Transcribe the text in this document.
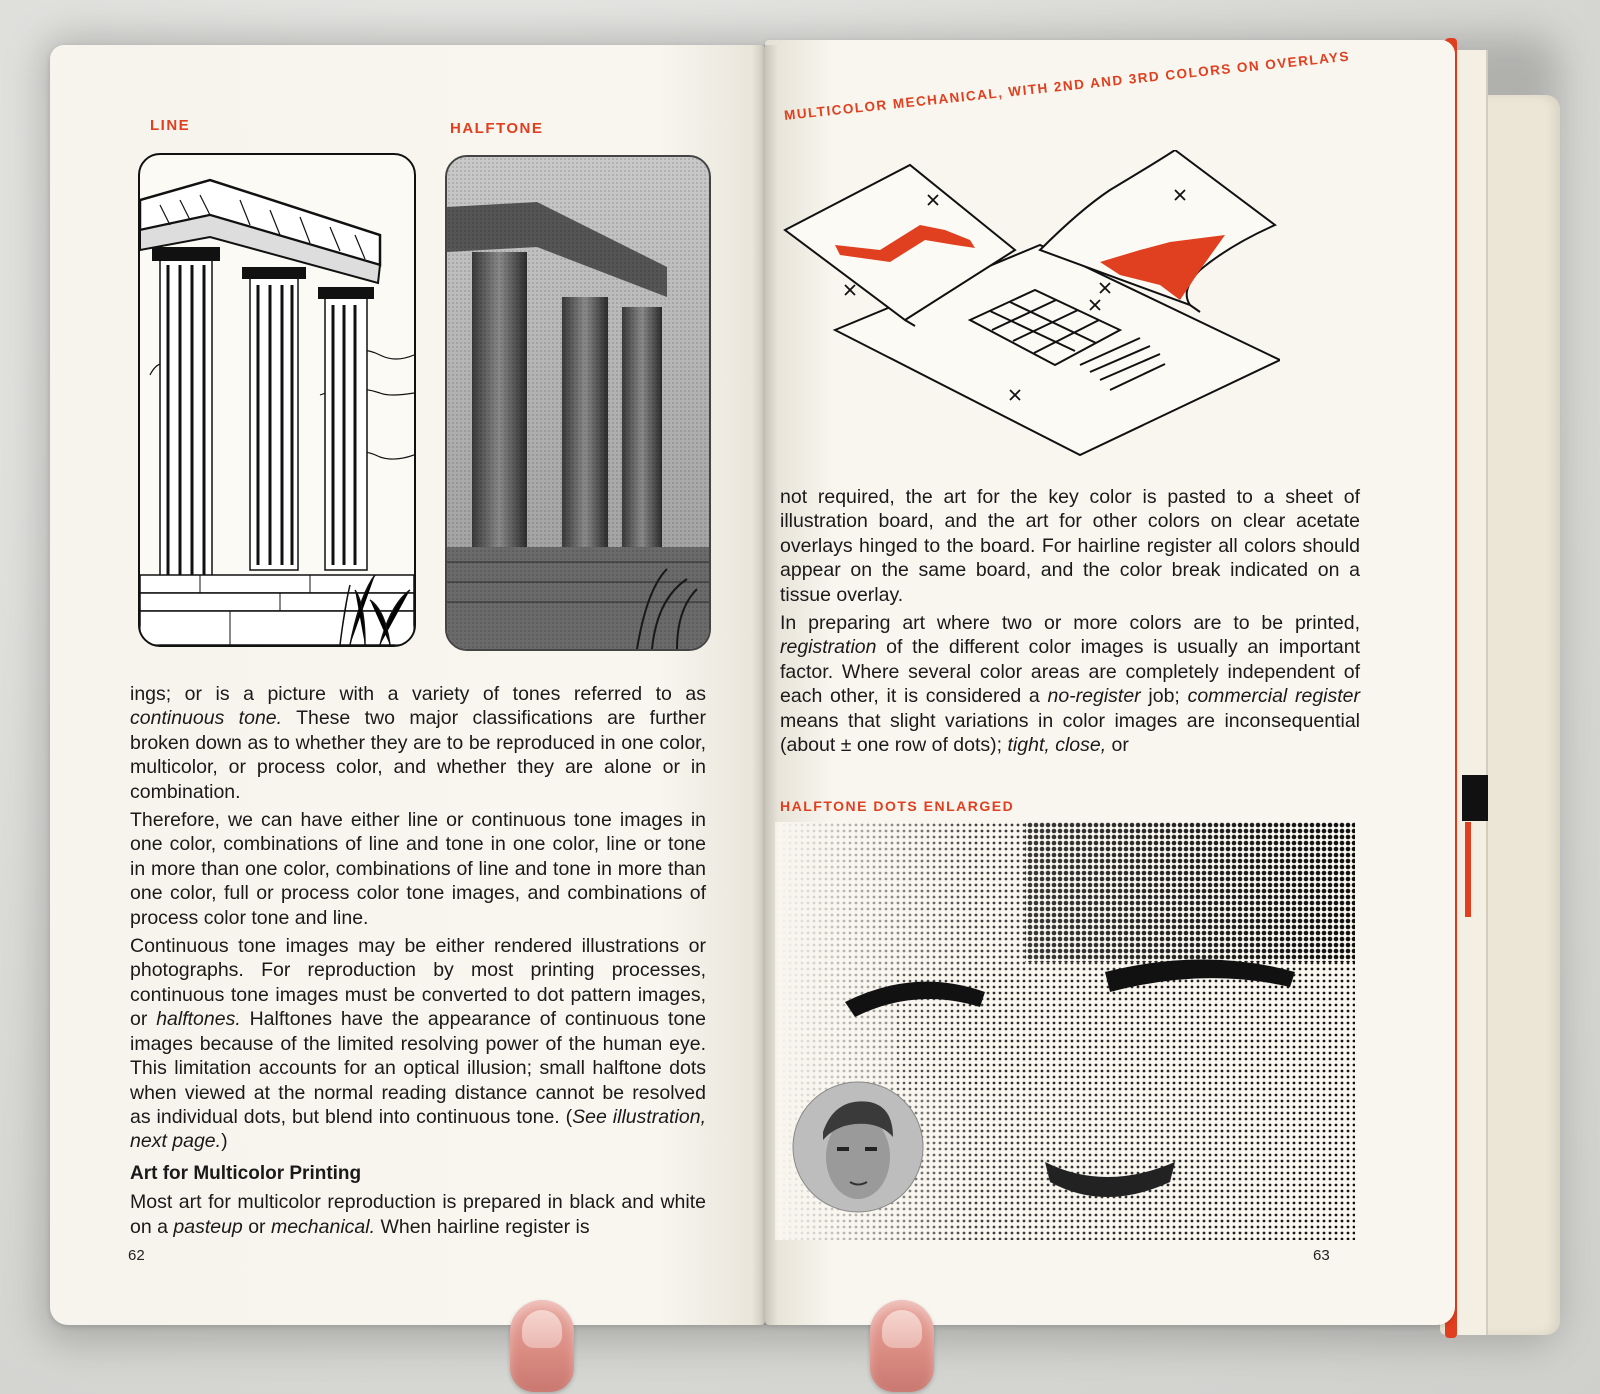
LINE	HALFTONE

ings; or is a picture with a variety of tones referred to as continuous tone. These two major classifications are further broken down as to whether they are to be reproduced in one color, multicolor, or process color, and whether they are alone or in combination.

Therefore, we can have either line or continuous tone images in one color, combinations of line and tone in one color, line or tone in more than one color, combinations of line and tone in more than one color, full or process color tone images, and combinations of process color tone and line.

Continuous tone images may be either rendered illustrations or photographs. For reproduction by most printing processes, continuous tone images must be converted to dot pattern images, or halftones. Halftones have the appearance of continuous tone images because of the limited resolving power of the human eye. This limitation accounts for an optical illusion; small halftone dots when viewed at the normal reading distance cannot be resolved as individual dots, but blend into continuous tone. (See illustration, next page.)

Art for Multicolor Printing

Most art for multicolor reproduction is prepared in black and white on a pasteup or mechanical. When hairline register is

62
MULTICOLOR MECHANICAL, WITH 2ND AND 3RD COLORS ON OVERLAYS

not required, the art for the key color is pasted to a sheet of illustration board, and the art for other colors on clear acetate overlays hinged to the board. For hairline register all colors should appear on the same board, and the color break indicated on a tissue overlay.

In preparing art where two or more colors are to be printed, registration of the different color images is usually an important factor. Where several color areas are completely independent of each other, it is considered a no-register job; commercial register means that slight variations in color images are inconsequential (about ± one row of dots); tight, close, or

HALFTONE DOTS ENLARGED
63
